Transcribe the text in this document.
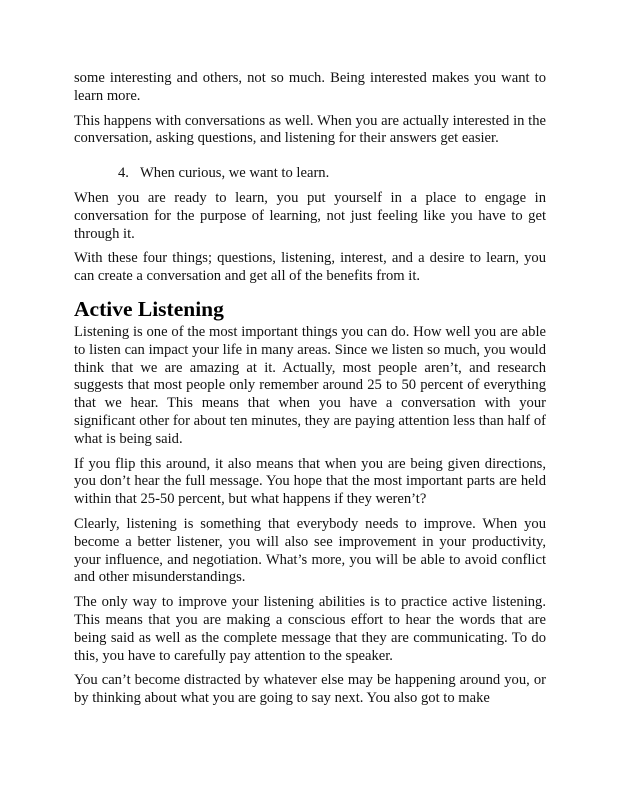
some interesting and others, not so much. Being interested makes you want to learn more.

This happens with conversations as well. When you are actually interested in the conversation, asking questions, and listening for their answers get easier.

4. When curious, we want to learn.

When you are ready to learn, you put yourself in a place to engage in conversation for the purpose of learning, not just feeling like you have to get through it.

With these four things; questions, listening, interest, and a desire to learn, you can create a conversation and get all of the benefits from it.

Active Listening

Listening is one of the most important things you can do. How well you are able to listen can impact your life in many areas. Since we listen so much, you would think that we are amazing at it. Actually, most people aren’t, and research suggests that most people only remember around 25 to 50 percent of everything that we hear. This means that when you have a conversation with your significant other for about ten minutes, they are paying attention less than half of what is being said.

If you flip this around, it also means that when you are being given directions, you don’t hear the full message. You hope that the most important parts are held within that 25-50 percent, but what happens if they weren’t?

Clearly, listening is something that everybody needs to improve. When you become a better listener, you will also see improvement in your productivity, your influence, and negotiation. What’s more, you will be able to avoid conflict and other misunderstandings.

The only way to improve your listening abilities is to practice active listening. This means that you are making a conscious effort to hear the words that are being said as well as the complete message that they are communicating. To do this, you have to carefully pay attention to the speaker.

You can’t become distracted by whatever else may be happening around you, or by thinking about what you are going to say next. You also got to make
